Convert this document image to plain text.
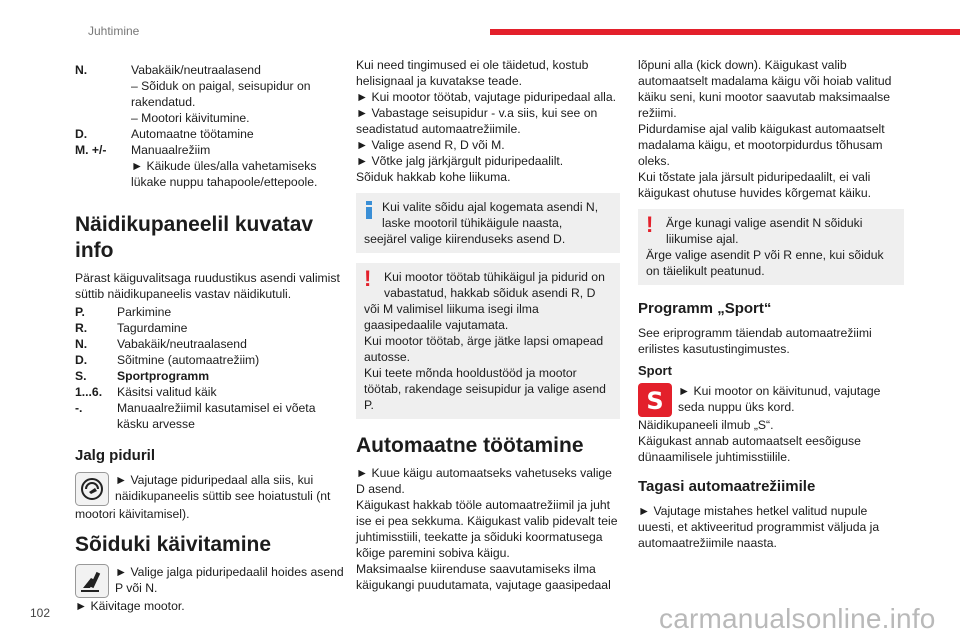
Juhtimine
N.	Vabakäik/neutraalasend

– Sõiduk on paigal, seisupidur on rakendatud.

– Mootori käivitumine.

D.	Automaatne töötamine

M. +/-	Manuaalrežiim

► Käikude üles/alla vahetamiseks lükake nuppu tahapoole/ettepoole.

Näidikupaneelil kuvatav info

Pärast käiguvalitsaga ruudustikus asendi valimist süttib näidikupaneelis vastav näidikutuli.

P.	Parkimine
R.	Tagurdamine
N.	Vabakäik/neutraalasend
D.	Sõitmine (automaatrežiim)
S.	Sportprogramm
1...6.	Käsitsi valitud käik
-.	Manuaalrežiimil kasutamisel ei võeta käsku arvesse
Jalg piduril

► Vajutage piduripedaal alla siis, kui näidikupaneelis süttib see hoiatustuli (nt

mootori käivitamisel).

Sõiduki käivitamine

► Valige jalga piduripedaalil hoides asend P või N.

► Käivitage mootor.

Kui need tingimused ei ole täidetud, kostub helisignaal ja kuvatakse teade.

► Kui mootor töötab, vajutage piduripedaal alla.

► Vabastage seisupidur - v.a siis, kui see on seadistatud automaatrežiimile.

► Valige asend R, D või M.

► Võtke jalg järkjärgult piduripedaalilt.

Sõiduk hakkab kohe liikuma.

Kui valite sõidu ajal kogemata asendi N, laske mootoril tühikäigule naasta,

seejärel valige kiirenduseks asend D.

!	Kui mootor töötab tühikäigul ja pidurid on vabastatud, hakkab sõiduk asendi R, D

või M valimisel liikuma isegi ilma gaasipedaalile vajutamata.

Kui mootor töötab, ärge jätke lapsi omapead autosse.

Kui teete mõnda hooldustööd ja mootor töötab, rakendage seisupidur ja valige asend P.

Automaatne töötamine

► Kuue käigu automaatseks vahetuseks valige D asend.

Käigukast hakkab tööle automaatrežiimil ja juht ise ei pea sekkuma. Käigukast valib pidevalt teie juhtimisstiili, teekatte ja sõiduki koormatusega kõige paremini sobiva käigu.

Maksimaalse kiirenduse saavutamiseks ilma käigukangi puudutamata, vajutage gaasipedaal

lõpuni alla (kick down). Käigukast valib automaatselt madalama käigu või hoiab valitud käiku seni, kuni mootor saavutab maksimaalse režiimi.

Pidurdamise ajal valib käigukast automaatselt madalama käigu, et mootorpidurdus tõhusam oleks.

Kui tõstate jala järsult piduripedaalilt, ei vali käigukast ohutuse huvides kõrgemat käiku.

!	Ärge kunagi valige asendit N sõiduki liikumise ajal.

Ärge valige asendit P või R enne, kui sõiduk on täielikult peatunud.

Programm „Sport“

See eriprogramm täiendab automaatrežiimi erilistes kasutustingimustes.

Sport
S ► Kui mootor on käivitunud, vajutage seda nuppu üks kord.

Näidikupaneeli ilmub „S“.

Käigukast annab automaatselt eesõiguse dünaamilisele juhtimisstiilile.

Tagasi automaatrežiimile

► Vajutage mistahes hetkel valitud nupule uuesti, et aktiveeritud programmist väljuda ja automaatrežiimile naasta.

102	carmanualsonline.info
